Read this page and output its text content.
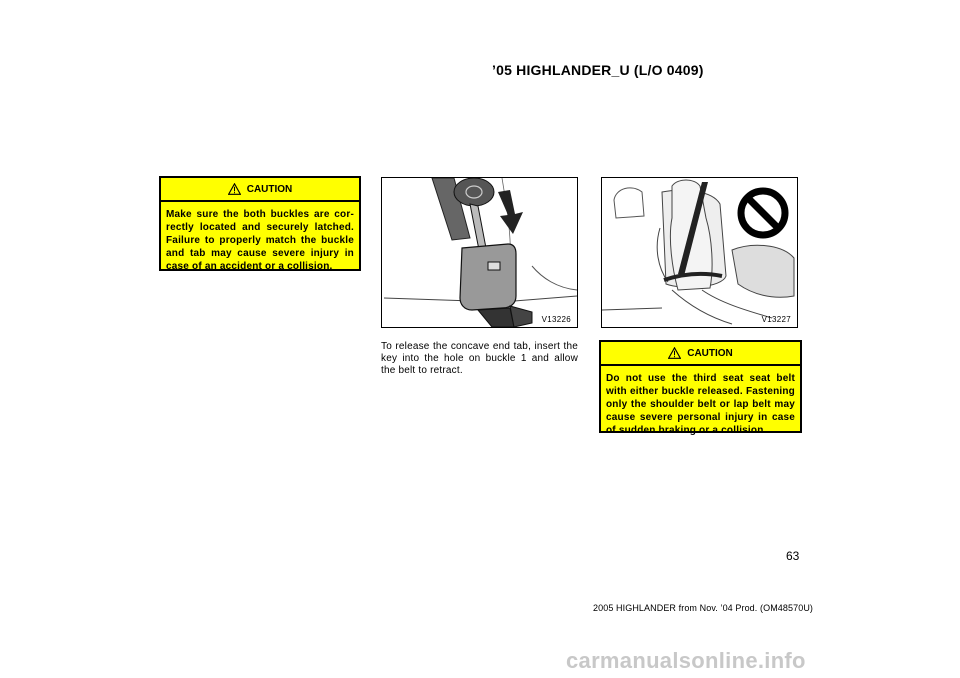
’05 HIGHLANDER_U (L/O 0409)
CAUTION
Make sure the both buckles are cor- rectly located and securely latched. Failure to properly match the buckle and tab may cause severe injury in case of an accident or a collision.
V13226	V13227
To release the concave end tab, insert the key into the hole on buckle 1 and allow the belt to retract.
CAUTION
Do not use the third seat seat belt with either buckle released. Fastening only the shoulder belt or lap belt may cause severe personal injury in case of sudden braking or a collision.
63
2005 HIGHLANDER from Nov. ’04 Prod. (OM48570U)
carmanualsonline.info
